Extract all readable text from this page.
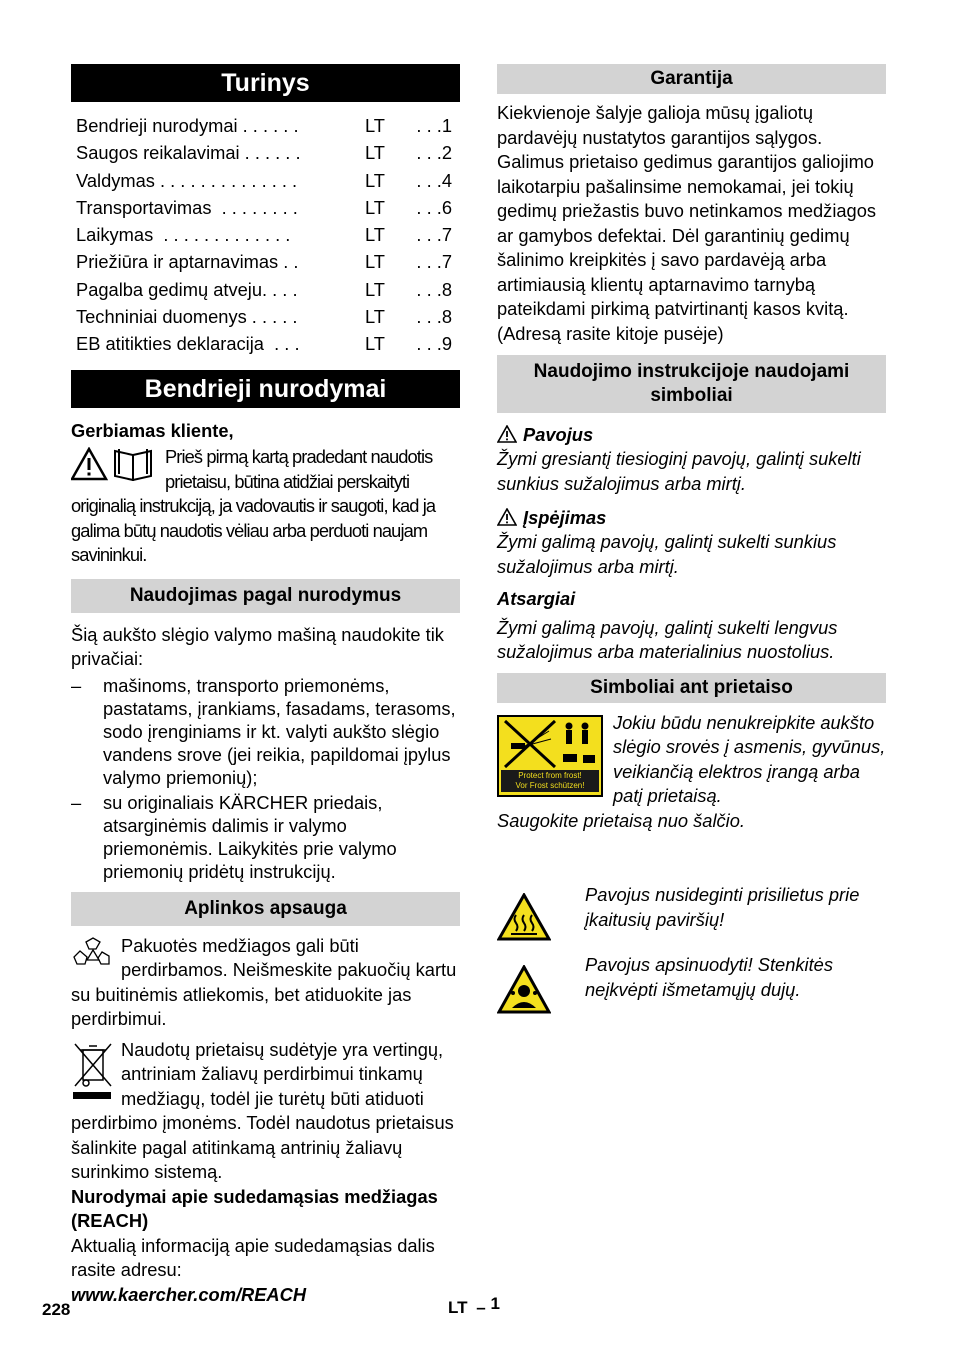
Turinys
Bendrieji nurodymai . . . . . .	LT . . .1
Saugos reikalavimai . . . . . .	LT . . .2
Valdymas . . . . . . . . . . . . . .	LT . . .4
Transportavimas  . . . . . . . .	LT . . .6
Laikymas  . . . . . . . . . . . . .	LT . . .7
Priežiūra ir aptarnavimas . .	LT . . .7
Pagalba gedimų atveju. . . .	LT . . .8
Techniniai duomenys . . . . .	LT . . .8
EB atitikties deklaracija  . . .	LT . . .9
Bendrieji nurodymai

Gerbiamas kliente,

Prieš pirmą kartą pradedant naudotis prietaisu, būtina atidžiai perskaityti originalią instrukciją, ja vadovautis ir saugoti, kad ja galima būtų naudotis vėliau arba perduoti naujam savininkui.

Naudojimas pagal nurodymus

Šią aukšto slėgio valymo mašiną naudokite tik privačiai:

– mašinoms, transporto priemonėms, pastatams, įrankiams, fasadams, terasoms, sodo įrenginiams ir kt. valyti aukšto slėgio vandens srove (jei reikia, papildomai įpylus valymo priemonių);
– su originaliais KÄRCHER priedais, atsarginėmis dalimis ir valymo priemonėmis. Laikykitės prie valymo priemonių pridėtų instrukcijų.
Aplinkos apsauga

Pakuotės medžiagos gali būti perdirbamos. Neišmeskite pakuočių kartu su buitinėmis atliekomis, bet atiduokite jas perdirbimui.

Naudotų prietaisų sudėtyje yra vertingų, antriniam žaliavų perdirbimui tinkamų medžiagų, todėl jie turėtų būti atiduoti perdirbimo įmonėms. Todėl naudotus prietaisus šalinkite pagal atitinkamą antrinių žaliavų surinkimo sistemą.

Nurodymai apie sudedamąsias medžiagas (REACH)

Aktualią informaciją apie sudedamąsias dalis rasite adresu:

www.kaercher.com/REACH

Garantija

Kiekvienoje šalyje galioja mūsų įgaliotų pardavėjų nustatytos garantijos sąlygos. Galimus prietaiso gedimus garantijos galiojimo laikotarpiu pašalinsime nemokamai, jei tokių gedimų priežastis buvo netinkamos medžiagos ar gamybos defektai. Dėl garantinių gedimų šalinimo kreipkitės į savo pardavėją arba artimiausią klientų aptarnavimo tarnybą pateikdami pirkimą patvirtinantį kasos kvitą.

(Adresą rasite kitoje pusėje)

Naudojimo instrukcijoje naudojami simboliai
Pavojus

Žymi gresiantį tiesioginį pavojų, galintį sukelti sunkius sužalojimus arba mirtį.

Įspėjimas

Žymi galimą pavojų, galintį sukelti sunkius sužalojimus arba mirtį.

Atsargiai

Žymi galimą pavojų, galintį sukelti lengvus sužalojimus arba materialinius nuostolius.

Simboliai ant prietaiso
Protect from frost!
Vor Frost schützen!

Jokiu būdu nenukreipkite aukšto slėgio srovės į asmenis, gyvūnus, veikiančią elektros įrangą arba patį prietaisą.

Saugokite prietaisą nuo šalčio.

Pavojus nusideginti prisilietus prie įkaitusių paviršių!

Pavojus apsinuodyti! Stenkitės neįkvėpti išmetamųjų dujų.

228	LT – 1
